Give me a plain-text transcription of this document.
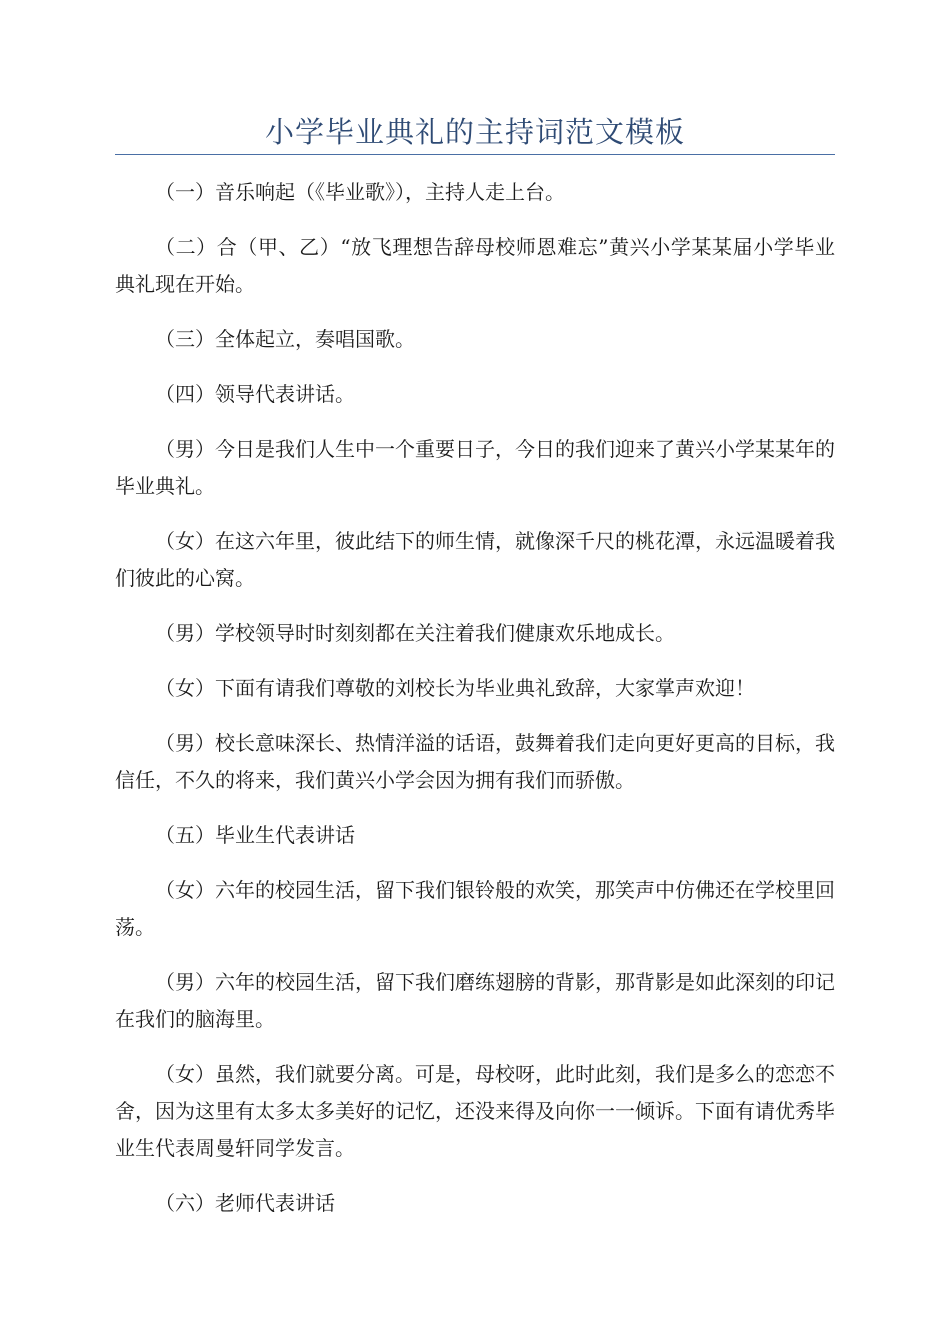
小学毕业典礼的主持词范文模板

（一）音乐响起（《毕业歌》），主持人走上台。

（二）合（甲、乙）“放飞理想告辞母校师恩难忘”黄兴小学某某届小学毕业典礼现在开始。

（三）全体起立，奏唱国歌。

（四）领导代表讲话。

（男）今日是我们人生中一个重要日子，今日的我们迎来了黄兴小学某某年的毕业典礼。

（女）在这六年里，彼此结下的师生情，就像深千尺的桃花潭，永远温暖着我们彼此的心窝。

（男）学校领导时时刻刻都在关注着我们健康欢乐地成长。

（女）下面有请我们尊敬的刘校长为毕业典礼致辞，大家掌声欢迎！

（男）校长意味深长、热情洋溢的话语，鼓舞着我们走向更好更高的目标，我信任，不久的将来，我们黄兴小学会因为拥有我们而骄傲。

（五）毕业生代表讲话

（女）六年的校园生活，留下我们银铃般的欢笑，那笑声中仿佛还在学校里回荡。

（男）六年的校园生活，留下我们磨练翅膀的背影，那背影是如此深刻的印记在我们的脑海里。

（女）虽然，我们就要分离。可是，母校呀，此时此刻，我们是多么的恋恋不舍，因为这里有太多太多美好的记忆，还没来得及向你一一倾诉。下面有请优秀毕业生代表周曼轩同学发言。

（六）老师代表讲话
